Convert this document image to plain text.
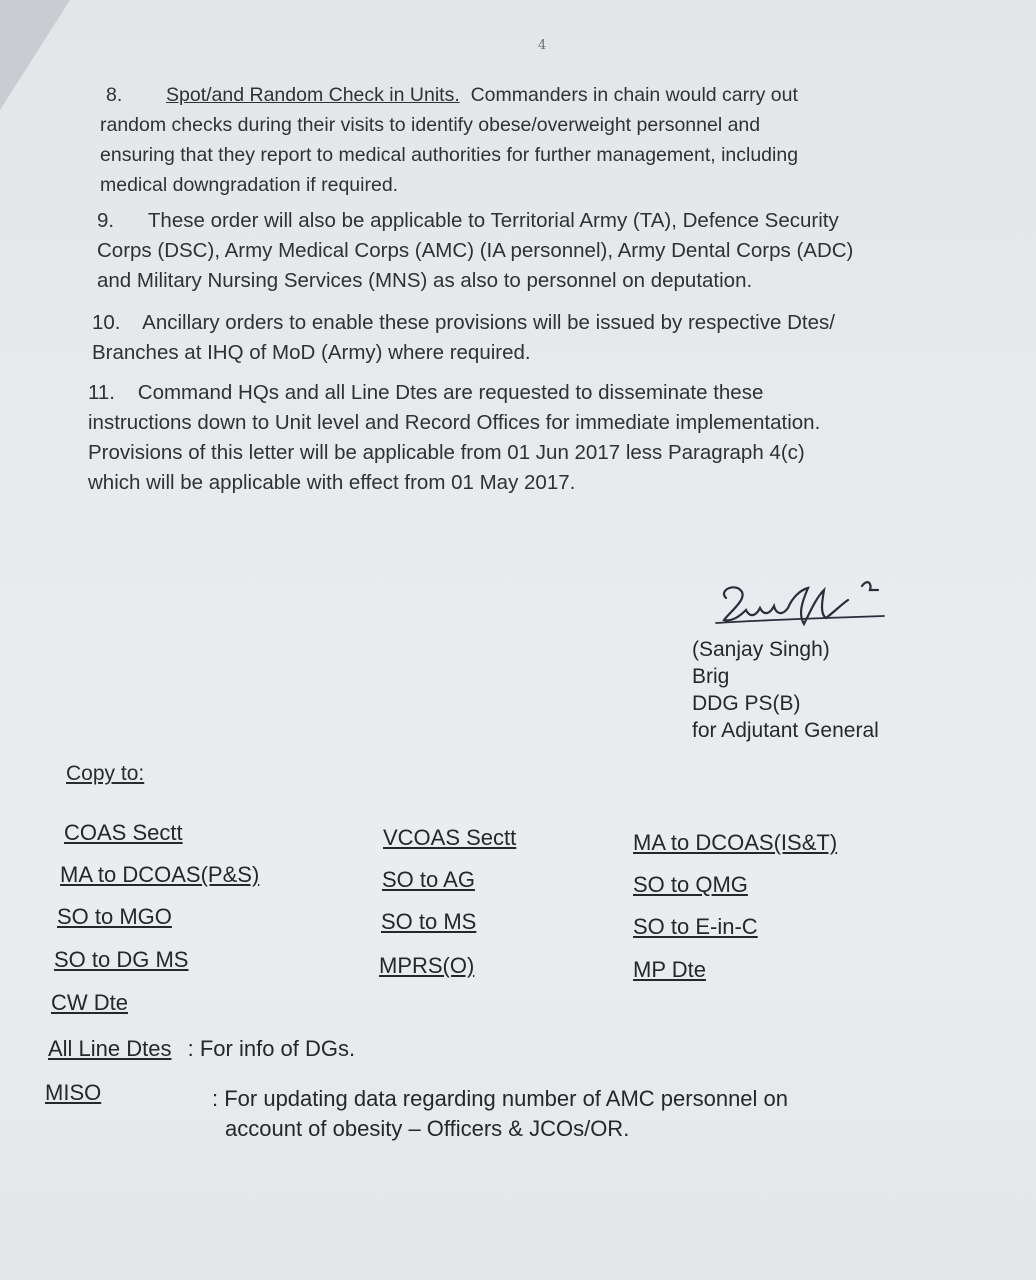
4
8. Spot/and Random Check in Units. Commanders in chain would carry out
random checks during their visits to identify obese/overweight personnel and
ensuring that they report to medical authorities for further management, including
medical downgradation if required.
9.      These order will also be applicable to Territorial Army (TA), Defence Security
Corps (DSC), Army Medical Corps (AMC) (IA personnel), Army Dental Corps (ADC)
and Military Nursing Services (MNS) as also to personnel on deputation.
10.    Ancillary orders to enable these provisions will be issued by respective Dtes/
Branches at IHQ of MoD (Army) where required.
11.    Command HQs and all Line Dtes are requested to disseminate these
instructions down to Unit level and Record Offices for immediate implementation.
Provisions of this letter will be applicable from 01 Jun 2017 less Paragraph 4(c)
which will be applicable with effect from 01 May 2017.
(Sanjay Singh)
Brig
DDG PS(B)
for Adjutant General
Copy to:
COAS Sectt
MA to DCOAS(P&S)
SO to MGO
SO to DG MS
CW Dte
VCOAS Sectt
SO to AG
SO to MS
MPRS(O)
MA to DCOAS(IS&T)
SO to QMG
SO to E-in-C
MP Dte
All Line Dtes : For info of DGs.
MISO	: For updating data regarding number of AMC personnel on
account of obesity – Officers & JCOs/OR.
